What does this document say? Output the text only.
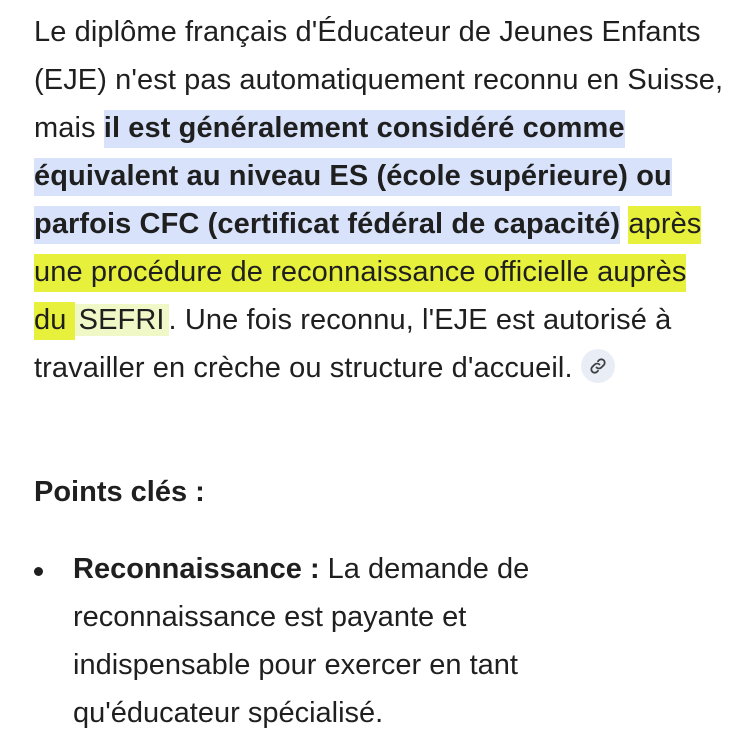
Le diplôme français d'Éducateur de Jeunes Enfants (EJE) n'est pas automatiquement reconnu en Suisse, mais il est généralement considéré comme équivalent au niveau ES (école supérieure) ou parfois CFC (certificat fédéral de capacité) après une procédure de reconnaissance officielle auprès du SEFRI . Une fois reconnu, l'EJE est autorisé à travailler en crèche ou structure d'accueil.
Points clés :
Reconnaissance : La demande de reconnaissance est payante et indispensable pour exercer en tant qu'éducateur spécialisé.
